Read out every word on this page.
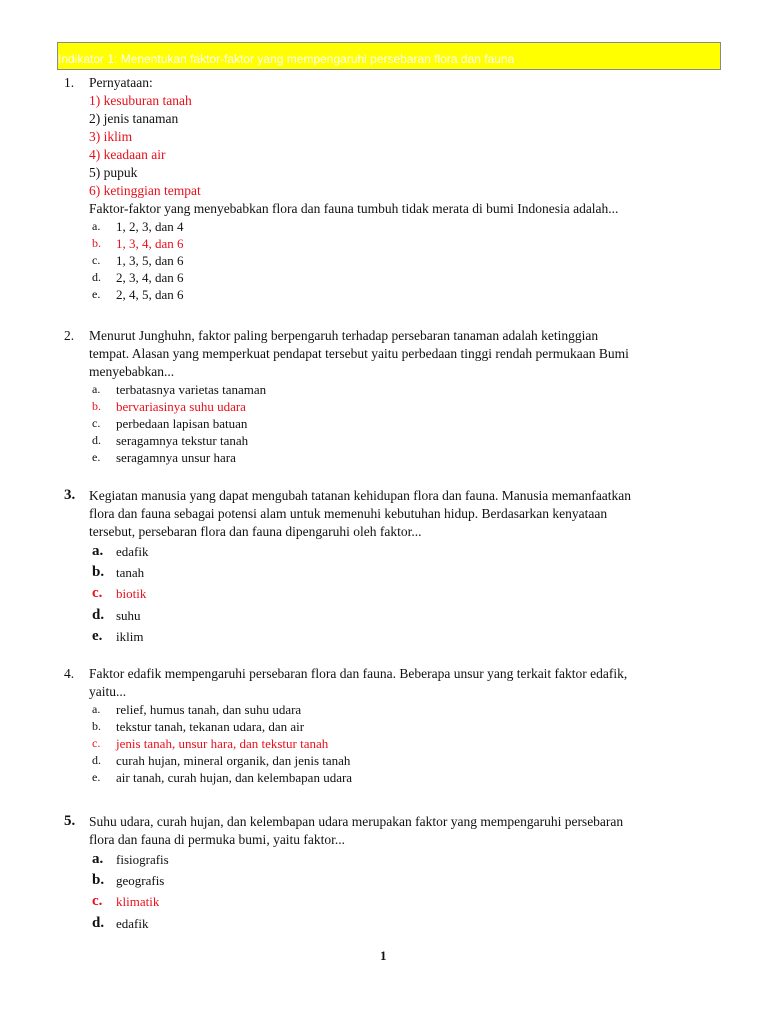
Indikator 1: Menentukan faktor-faktor yang mempengaruhi persebaran flora dan fauna
1. Pernyataan:

1) kesuburan tanah

2) jenis tanaman

3) iklim

4) keadaan air

5) pupuk

6) ketinggian tempat

Faktor-faktor yang menyebabkan flora dan fauna tumbuh tidak merata di bumi Indonesia adalah...

a. 1, 2, 3, dan 4
b. 1, 3, 4, dan 6
c. 1, 3, 5, dan 6
d. 2, 3, 4, dan 6
e. 2, 4, 5, dan 6
2. Menurut Junghuhn, faktor paling berpengaruh terhadap persebaran tanaman adalah ketinggian

tempat. Alasan yang memperkuat pendapat tersebut yaitu perbedaan tinggi rendah permukaan Bumi

menyebabkan...

a. terbatasnya varietas tanaman
b. bervariasinya suhu udara
c. perbedaan lapisan batuan
d. seragamnya tekstur tanah
e. seragamnya unsur hara
3. Kegiatan manusia yang dapat mengubah tatanan kehidupan flora dan fauna. Manusia memanfaatkan

flora dan fauna sebagai potensi alam untuk memenuhi kebutuhan hidup. Berdasarkan kenyataan

tersebut, persebaran flora dan fauna dipengaruhi oleh faktor...

a. edafik
b. tanah
c. biotik
d. suhu
e. iklim
4. Faktor edafik mempengaruhi persebaran flora dan fauna. Beberapa unsur yang terkait faktor edafik,

yaitu...

a. relief, humus tanah, dan suhu udara
b. tekstur tanah, tekanan udara, dan air
c. jenis tanah, unsur hara, dan tekstur tanah
d. curah hujan, mineral organik, dan jenis tanah
e. air tanah, curah hujan, dan kelembapan udara
5. Suhu udara, curah hujan, dan kelembapan udara merupakan faktor yang mempengaruhi persebaran

flora dan fauna di permuka bumi, yaitu faktor...

a. fisiografis
b. geografis
c. klimatik
d. edafik
1
